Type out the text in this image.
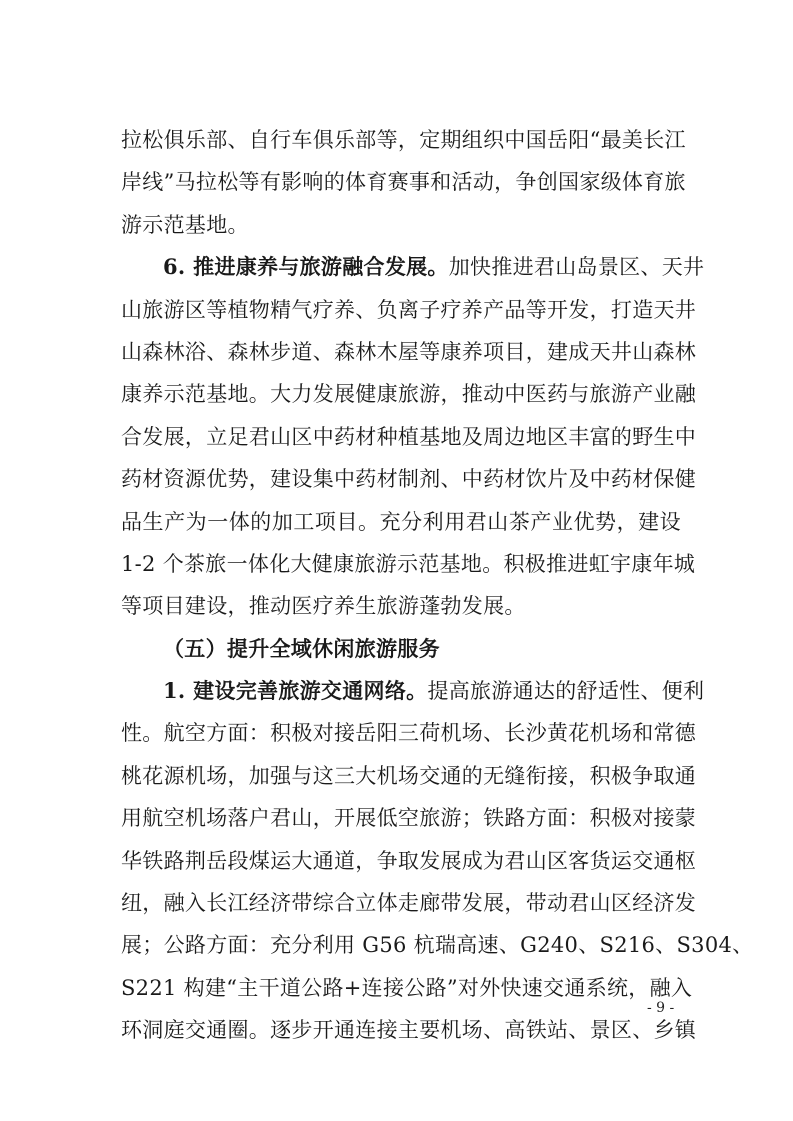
拉松俱乐部、自行车俱乐部等，定期组织中国岳阳“最美长江
岸线”马拉松等有影响的体育赛事和活动，争创国家级体育旅
游示范基地。
6. 推进康养与旅游融合发展。加快推进君山岛景区、天井
山旅游区等植物精气疗养、负离子疗养产品等开发，打造天井
山森林浴、森林步道、森林木屋等康养项目，建成天井山森林
康养示范基地。大力发展健康旅游，推动中医药与旅游产业融
合发展，立足君山区中药材种植基地及周边地区丰富的野生中
药材资源优势，建设集中药材制剂、中药材饮片及中药材保健
品生产为一体的加工项目。充分利用君山茶产业优势，建设
1-2 个茶旅一体化大健康旅游示范基地。积极推进虹宇康年城
等项目建设，推动医疗养生旅游蓬勃发展。
（五）提升全域休闲旅游服务
1. 建设完善旅游交通网络。提高旅游通达的舒适性、便利
性。航空方面：积极对接岳阳三荷机场、长沙黄花机场和常德
桃花源机场，加强与这三大机场交通的无缝衔接，积极争取通
用航空机场落户君山，开展低空旅游；铁路方面：积极对接蒙
华铁路荆岳段煤运大通道，争取发展成为君山区客货运交通枢
纽，融入长江经济带综合立体走廊带发展，带动君山区经济发
展；公路方面：充分利用 G56 杭瑞高速、G240、S216、S304、
S221 构建“主干道公路+连接公路”对外快速交通系统，融入
环洞庭交通圈。逐步开通连接主要机场、高铁站、景区、乡镇
- 9 -
